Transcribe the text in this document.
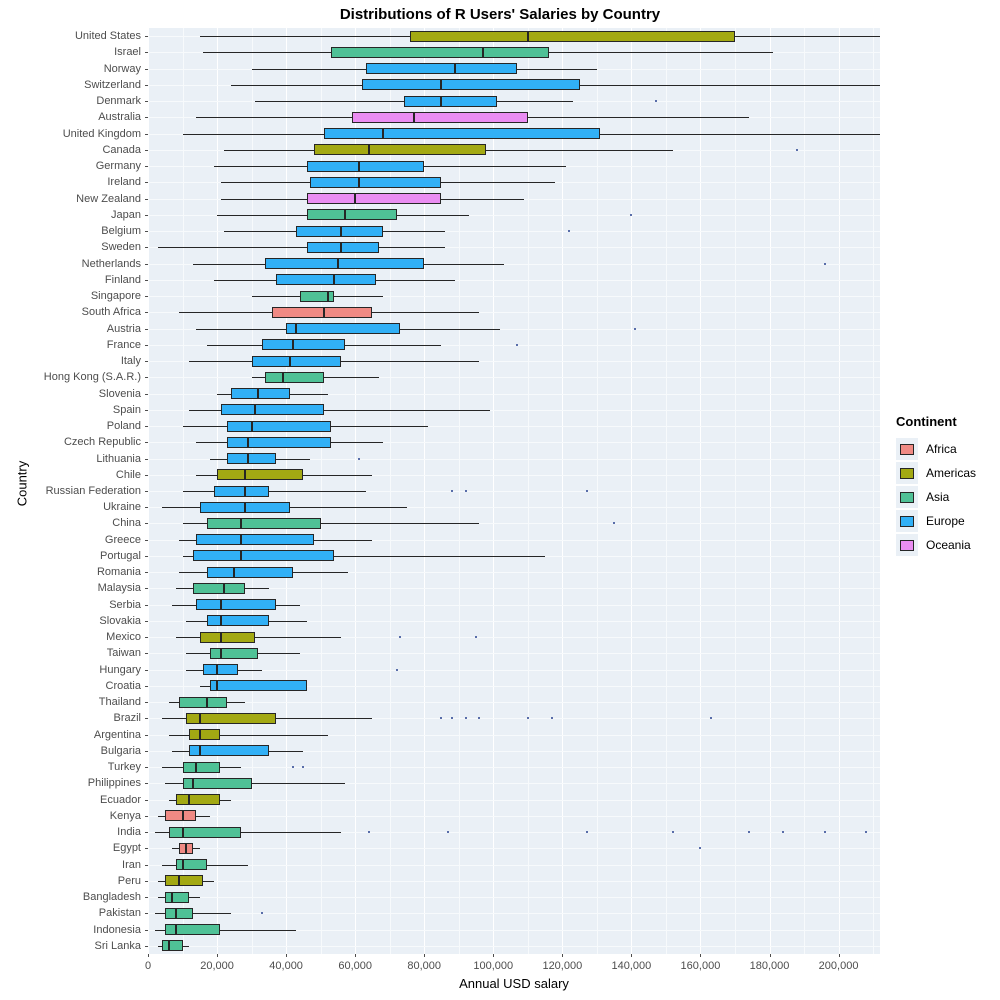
Distributions of R Users' Salaries by Country
Annual USD salary
Country
Continent
Africa
Americas
Asia
Europe
Oceania
United States
Israel
Norway
Switzerland
Denmark
Australia
United Kingdom
Canada
Germany
Ireland
New Zealand
Japan
Belgium
Sweden
Netherlands
Finland
Singapore
South Africa
Austria
France
Italy
Hong Kong (S.A.R.)
Slovenia
Spain
Poland
Czech Republic
Lithuania
Chile
Russian Federation
Ukraine
China
Greece
Portugal
Romania
Malaysia
Serbia
Slovakia
Mexico
Taiwan
Hungary
Croatia
Thailand
Brazil
Argentina
Bulgaria
Turkey
Philippines
Ecuador
Kenya
India
Egypt
Iran
Peru
Bangladesh
Pakistan
Indonesia
Sri Lanka
0	20,000	40,000	60,000	80,000	100,000	120,000	140,000	160,000	180,000	200,000
